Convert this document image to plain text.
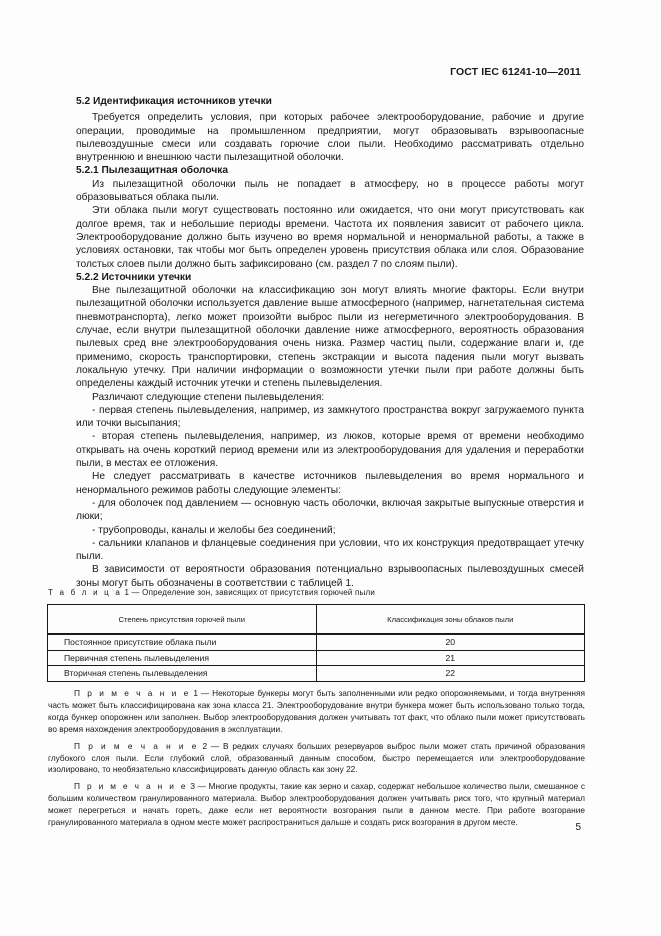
ГОСТ IEC 61241-10—2011

5.2 Идентификация источников утечки

Требуется определить условия, при которых рабочее электрооборудование, рабочие и другие операции, проводимые на промышленном предприятии, могут образовывать взрывоопасные пылевоздушные смеси или создавать горючие слои пыли. Необходимо рассматривать отдельно внутреннюю и внешнюю части пылезащитной оболочки.

5.2.1 Пылезащитная оболочка

Из пылезащитной оболочки пыль не попадает в атмосферу, но в процессе работы могут образовываться облака пыли.

Эти облака пыли могут существовать постоянно или ожидается, что они могут присутствовать как долгое время, так и небольшие периоды времени. Частота их появления зависит от рабочего цикла. Электрооборудование должно быть изучено во время нормальной и ненормальной работы, а также в условиях остановки, так чтобы мог быть определен уровень присутствия облака или слоя. Образование толстых слоев пыли должно быть зафиксировано (см. раздел 7 по слоям пыли).

5.2.2 Источники утечки

Вне пылезащитной оболочки на классификацию зон могут влиять многие факторы. Если внутри пылезащитной оболочки используется давление выше атмосферного (например, нагнетательная система пневмотранспорта), легко может произойти выброс пыли из негерметичного электрооборудования. В случае, если внутри пылезащитной оболочки давление ниже атмосферного, вероятность образования пылевых сред вне электрооборудования очень низка. Размер частиц пыли, содержание влаги и, где применимо, скорость транспортировки, степень экстракции и высота падения пыли могут вызвать локальную утечку. При наличии информации о возможности утечки пыли при работе должны быть определены каждый источник утечки и степень пылевыделения.

Различают следующие степени пылевыделения:

- первая степень пылевыделения, например, из замкнутого пространства вокруг загружаемого пункта или точки высыпания;

- вторая степень пылевыделения, например, из люков, которые время от времени необходимо открывать на очень короткий период времени или из электрооборудования для удаления и переработки пыли, в местах ее отложения.

Не следует рассматривать в качестве источников пылевыделения во время нормального и ненормального режимов работы следующие элементы:

- для оболочек под давлением — основную часть оболочки, включая закрытые выпускные отверстия и люки;

- трубопроводы, каналы и желобы без соединений;

- сальники клапанов и фланцевые соединения при условии, что их конструкция предотвращает утечку пыли.

В зависимости от вероятности образования потенциально взрывоопасных пылевоздушных смесей зоны могут быть обозначены в соответствии с таблицей 1.

Т а б л и ц а 1 — Определение зон, зависящих от присутствия горючей пыли
Степень присутствия горючей пыли	Классификация зоны облаков пыли
Постоянное присутствие облака пыли	20
Первичная степень пылевыделения	21
Вторичная степень пылевыделения	22

П р и м е ч а н и е 1 — Некоторые бункеры могут быть заполненными или редко опорожняемыми, и тогда внутренняя часть может быть классифицирована как зона класса 21. Электрооборудование внутри бункера может быть использовано только тогда, когда бункер опорожнен или заполнен. Выбор электрооборудования должен учитывать тот факт, что облако пыли может присутствовать во время нахождения электрооборудования в эксплуатации.

П р и м е ч а н и е 2 — В редких случаях больших резервуаров выброс пыли может стать причиной образования глубокого слоя пыли. Если глубокий слой, образованный данным способом, быстро перемещается или электрооборудование изолировано, то необязательно классифицировать данную область как зону 22.

П р и м е ч а н и е 3 — Многие продукты, такие как зерно и сахар, содержат небольшое количество пыли, смешанное с большим количеством гранулированного материала. Выбор электрооборудования должен учитывать риск того, что крупный материал может перегреться и начать гореть, даже если нет вероятности возгорания пыли в данном месте. При работе возгорание гранулированного материала в одном месте может распространиться дальше и создать риск возгорания в другом месте.	5
